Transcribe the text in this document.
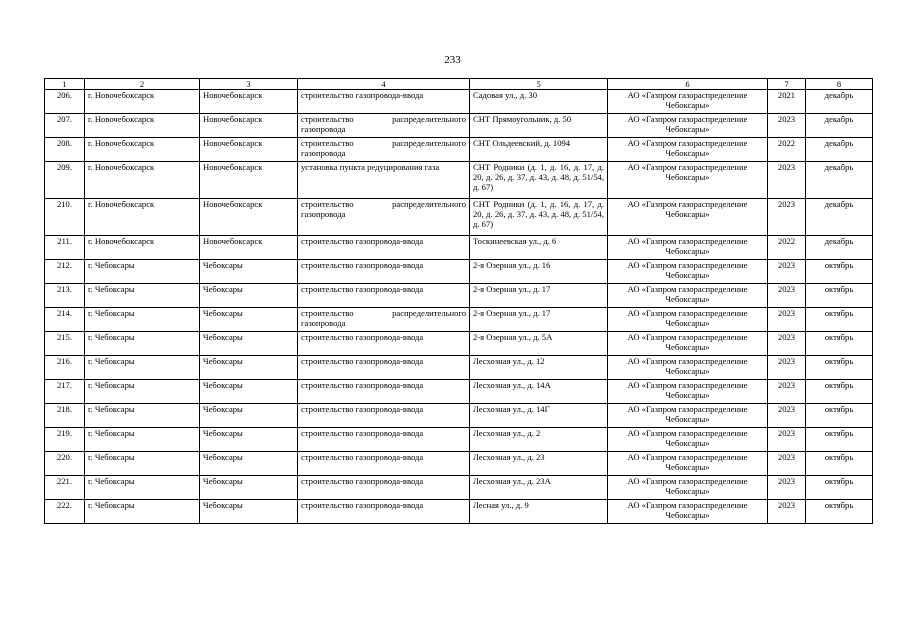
233
1	2	3	4	5	6	7	8
206.	г. Новочебоксарск	Новочебоксарск	строительство газопровода-ввода	Садовая ул., д. 30	АО «Газпром газораспределение Чебоксары»	2021	декабрь
207.	г. Новочебоксарск	Новочебоксарск	строительство распределительного газопровода	СНТ Прямоугольник, д. 50	АО «Газпром газораспределение Чебоксары»	2023	декабрь
208.	г. Новочебоксарск	Новочебоксарск	строительство распределительного газопровода	СНТ Ольдеевский, д. 1094	АО «Газпром газораспределение Чебоксары»	2022	декабрь
209.	г. Новочебоксарск	Новочебоксарск	установка пункта редуцирования газа	СНТ Родники (д. 1, д. 16, д. 17, д. 20, д. 26, д. 37, д. 43, д. 48, д. 51/54, д. 67)	АО «Газпром газораспределение Чебоксары»	2023	декабрь
210.	г. Новочебоксарск	Новочебоксарск	строительство распределительного газопровода	СНТ Родники (д. 1, д. 16, д. 17, д. 20, д. 26, д. 37, д. 43, д. 48, д. 51/54, д. 67)	АО «Газпром газораспределение Чебоксары»	2023	декабрь
211.	г. Новочебоксарск	Новочебоксарск	строительство газопровода-ввода	Тоскинеевская ул., д. 6	АО «Газпром газораспределение Чебоксары»	2022	декабрь
212.	г. Чебоксары	Чебоксары	строительство газопровода-ввода	2-я Озерная ул., д. 16	АО «Газпром газораспределение Чебоксары»	2023	октябрь
213.	г. Чебоксары	Чебоксары	строительство газопровода-ввода	2-я Озерная ул., д. 17	АО «Газпром газораспределение Чебоксары»	2023	октябрь
214.	г. Чебоксары	Чебоксары	строительство распределительного газопровода	2-я Озерная ул., д. 17	АО «Газпром газораспределение Чебоксары»	2023	октябрь
215.	г. Чебоксары	Чебоксары	строительство газопровода-ввода	2-я Озерная ул., д. 5А	АО «Газпром газораспределение Чебоксары»	2023	октябрь
216.	г. Чебоксары	Чебоксары	строительство газопровода-ввода	Лесхозная ул., д. 12	АО «Газпром газораспределение Чебоксары»	2023	октябрь
217.	г. Чебоксары	Чебоксары	строительство газопровода-ввода	Лесхозная ул., д. 14А	АО «Газпром газораспределение Чебоксары»	2023	октябрь
218.	г. Чебоксары	Чебоксары	строительство газопровода-ввода	Лесхозная ул., д. 14Г	АО «Газпром газораспределение Чебоксары»	2023	октябрь
219.	г. Чебоксары	Чебоксары	строительство газопровода-ввода	Лесхозная ул., д. 2	АО «Газпром газораспределение Чебоксары»	2023	октябрь
220.	г. Чебоксары	Чебоксары	строительство газопровода-ввода	Лесхозная ул., д. 23	АО «Газпром газораспределение Чебоксары»	2023	октябрь
221.	г. Чебоксары	Чебоксары	строительство газопровода-ввода	Лесхозная ул., д. 23А	АО «Газпром газораспределение Чебоксары»	2023	октябрь
222.	г. Чебоксары	Чебоксары	строительство газопровода-ввода	Лесная ул., д. 9	АО «Газпром газораспределение Чебоксары»	2023	октябрь
